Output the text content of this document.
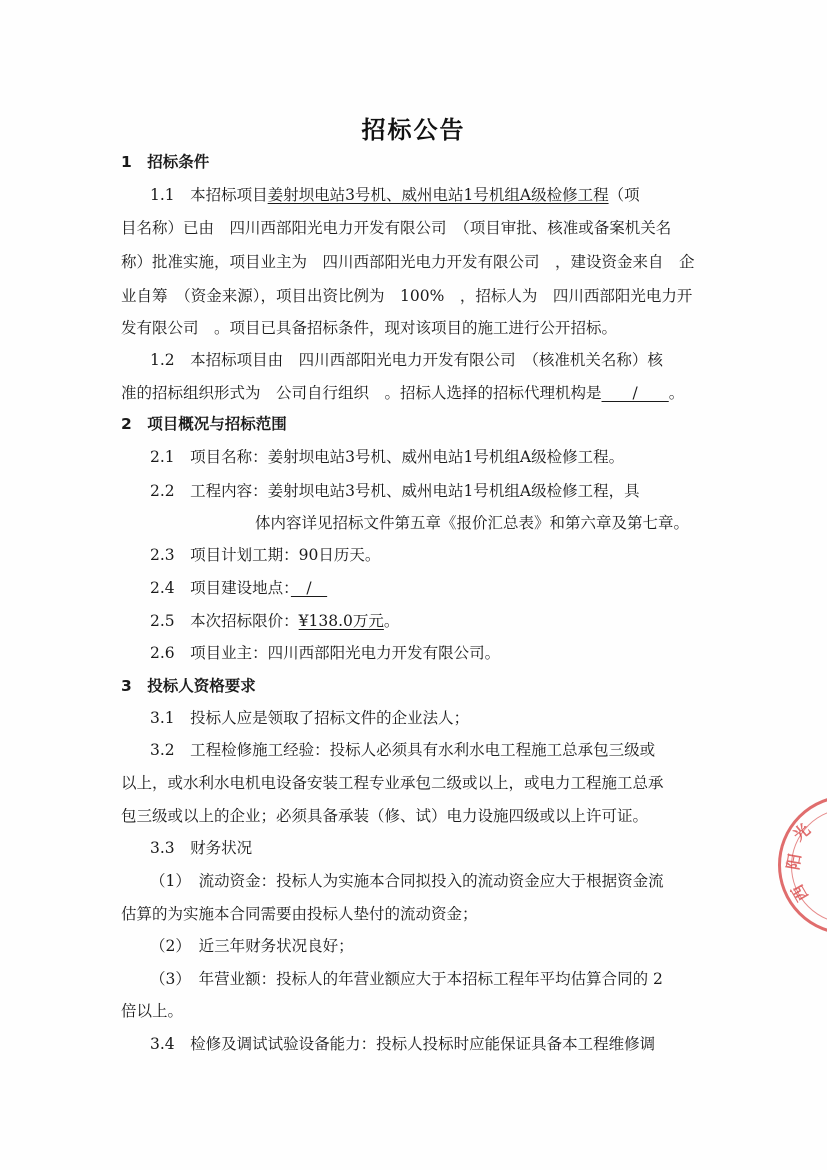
招标公告
1　招标条件
1.1　本招标项目姜射坝电站3号机、威州电站1号机组A级检修工程（项
目名称）已由　四川西部阳光电力开发有限公司　（项目审批、核准或备案机关名
称）批准实施，项目业主为　四川西部阳光电力开发有限公司　，建设资金来自　企
业自筹　（资金来源），项目出资比例为　100%　，招标人为　四川西部阳光电力开
发有限公司　。项目已具备招标条件，现对该项目的施工进行公开招标。
1.2　本招标项目由　四川西部阳光电力开发有限公司　（核准机关名称）核
准的招标组织形式为　公司自行组织　。招标人选择的招标代理机构是　　/　　。
2　项目概况与招标范围
2.1　项目名称：姜射坝电站3号机、威州电站1号机组A级检修工程。
2.2　工程内容：姜射坝电站3号机、威州电站1号机组A级检修工程，具
体内容详见招标文件第五章《报价汇总表》和第六章及第七章。
2.3　项目计划工期：90日历天。
2.4　项目建设地点：　/　
2.5　本次招标限价：¥138.0万元。
2.6　项目业主：四川西部阳光电力开发有限公司。
3　投标人资格要求
3.1　投标人应是领取了招标文件的企业法人；
3.2　工程检修施工经验：投标人必须具有水利水电工程施工总承包三级或
以上，或水利水电机电设备安装工程专业承包二级或以上，或电力工程施工总承
包三级或以上的企业；必须具备承装（修、试）电力设施四级或以上许可证。
3.3　财务状况
（1）　流动资金：投标人为实施本合同拟投入的流动资金应大于根据资金流
估算的为实施本合同需要由投标人垫付的流动资金；
（2）　近三年财务状况良好；
（3）　年营业额：投标人的年营业额应大于本招标工程年平均估算合同的 2
倍以上。
3.4　检修及调试试验设备能力：投标人投标时应能保证具备本工程维修调
光
阳
西
